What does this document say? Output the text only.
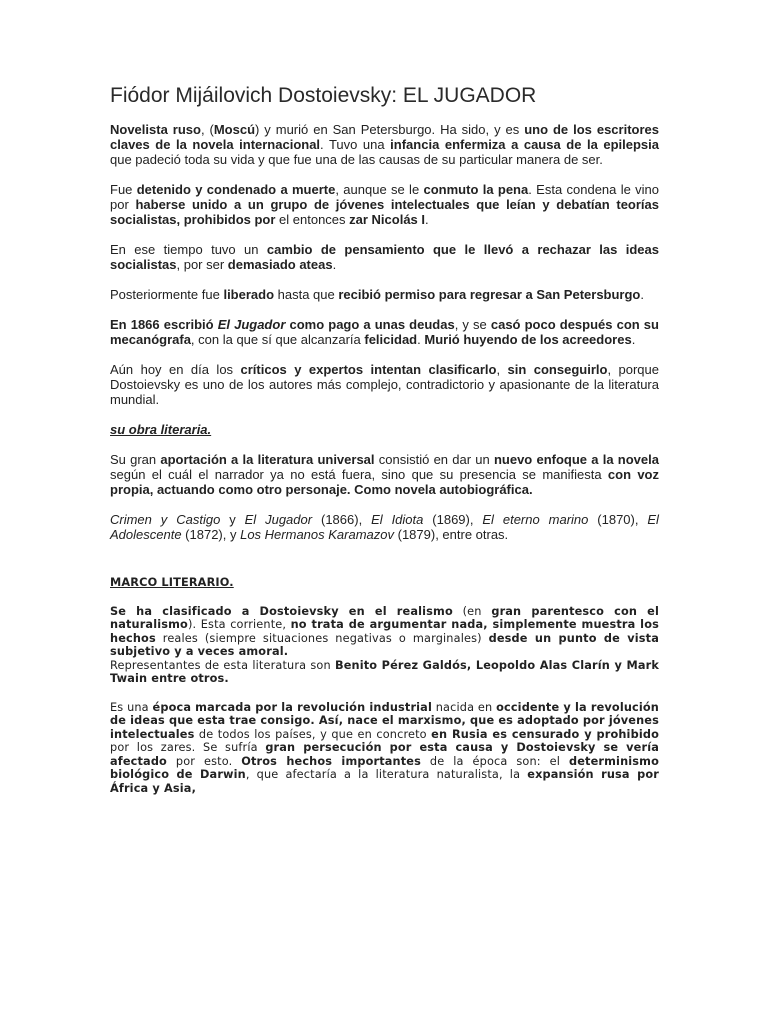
Fiódor Mijáilovich Dostoievsky: EL JUGADOR

Novelista ruso, (Moscú) y murió en San Petersburgo. Ha sido, y es uno de los escritores claves de la novela internacional. Tuvo una infancia enfermiza a causa de la epilepsia que padeció toda su vida y que fue una de las causas de su particular manera de ser.

Fue detenido y condenado a muerte, aunque se le conmuto la pena. Esta condena le vino por haberse unido a un grupo de jóvenes intelectuales que leían y debatían teorías socialistas, prohibidos por el entonces zar Nicolás I.

En ese tiempo tuvo un cambio de pensamiento que le llevó a rechazar las ideas socialistas, por ser demasiado ateas.

Posteriormente fue liberado hasta que recibió permiso para regresar a San Petersburgo.

En 1866 escribió El Jugador como pago a unas deudas, y se casó poco después con su mecanógrafa, con la que sí que alcanzaría felicidad. Murió huyendo de los acreedores.

Aún hoy en día los críticos y expertos intentan clasificarlo, sin conseguirlo, porque Dostoievsky es uno de los autores más complejo, contradictorio y apasionante de la literatura mundial.

su obra literaria.

Su gran aportación a la literatura universal consistió en dar un nuevo enfoque a la novela según el cuál el narrador ya no está fuera, sino que su presencia se manifiesta con voz propia, actuando como otro personaje. Como novela autobiográfica.

Crimen y Castigo y El Jugador (1866), El Idiota (1869), El eterno marino (1870), El Adolescente (1872), y Los Hermanos Karamazov (1879), entre otras.

MARCO LITERARIO.

Se ha clasificado a Dostoievsky en el realismo (en gran parentesco con el naturalismo). Esta corriente, no trata de argumentar nada, simplemente muestra los hechos reales (siempre situaciones negativas o marginales) desde un punto de vista subjetivo y a veces amoral.
Representantes de esta literatura son Benito Pérez Galdós, Leopoldo Alas Clarín y Mark Twain entre otros.

Es una época marcada por la revolución industrial nacida en occidente y la revolución de ideas que esta trae consigo. Así, nace el marxismo, que es adoptado por jóvenes intelectuales de todos los países, y que en concreto en Rusia es censurado y prohibido por los zares. Se sufría gran persecución por esta causa y Dostoievsky se vería afectado por esto. Otros hechos importantes de la época son: el determinismo biológico de Darwin, que afectaría a la literatura naturalista, la expansión rusa por África y Asia,
